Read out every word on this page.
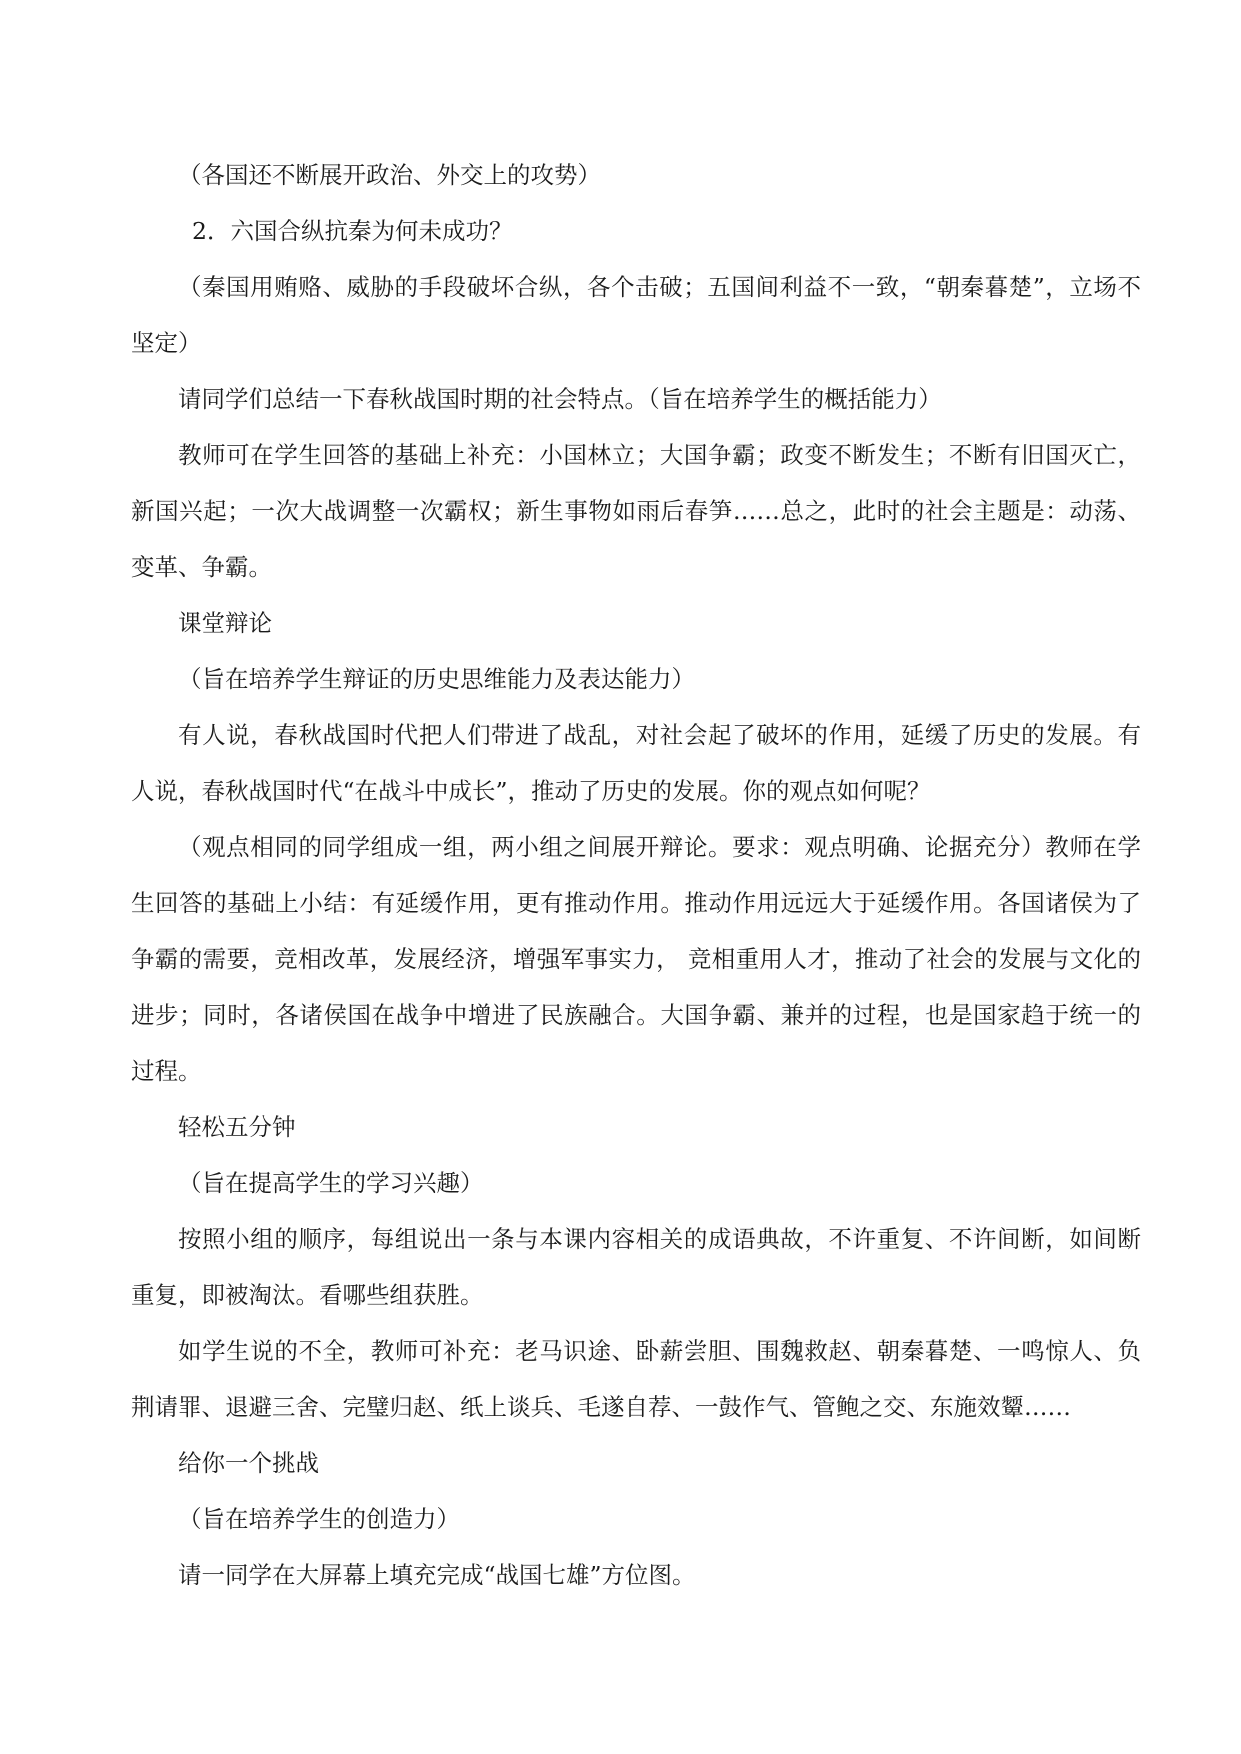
（各国还不断展开政治、外交上的攻势）

2．六国合纵抗秦为何未成功？

（秦国用贿赂、威胁的手段破坏合纵，各个击破；五国间利益不一致，“朝秦暮楚”，立场不坚定）

请同学们总结一下春秋战国时期的社会特点。（旨在培养学生的概括能力）

教师可在学生回答的基础上补充：小国林立；大国争霸；政变不断发生；不断有旧国灭亡，新国兴起；一次大战调整一次霸权；新生事物如雨后春笋……总之，此时的社会主题是：动荡、变革、争霸。

课堂辩论

（旨在培养学生辩证的历史思维能力及表达能力）

有人说，春秋战国时代把人们带进了战乱，对社会起了破坏的作用，延缓了历史的发展。有人说，春秋战国时代“在战斗中成长”，推动了历史的发展。你的观点如何呢？

（观点相同的同学组成一组，两小组之间展开辩论。要求：观点明确、论据充分）教师在学生回答的基础上小结：有延缓作用，更有推动作用。推动作用远远大于延缓作用。各国诸侯为了争霸的需要，竞相改革，发展经济，增强军事实力， 竞相重用人才，推动了社会的发展与文化的进步；同时，各诸侯国在战争中增进了民族融合。大国争霸、兼并的过程，也是国家趋于统一的过程。

轻松五分钟

（旨在提高学生的学习兴趣）

按照小组的顺序，每组说出一条与本课内容相关的成语典故，不许重复、不许间断，如间断重复，即被淘汰。看哪些组获胜。

如学生说的不全，教师可补充：老马识途、卧薪尝胆、围魏救赵、朝秦暮楚、一鸣惊人、负荆请罪、退避三舍、完璧归赵、纸上谈兵、毛遂自荐、一鼓作气、管鲍之交、东施效颦……

给你一个挑战

（旨在培养学生的创造力）

请一同学在大屏幕上填充完成“战国七雄”方位图。
